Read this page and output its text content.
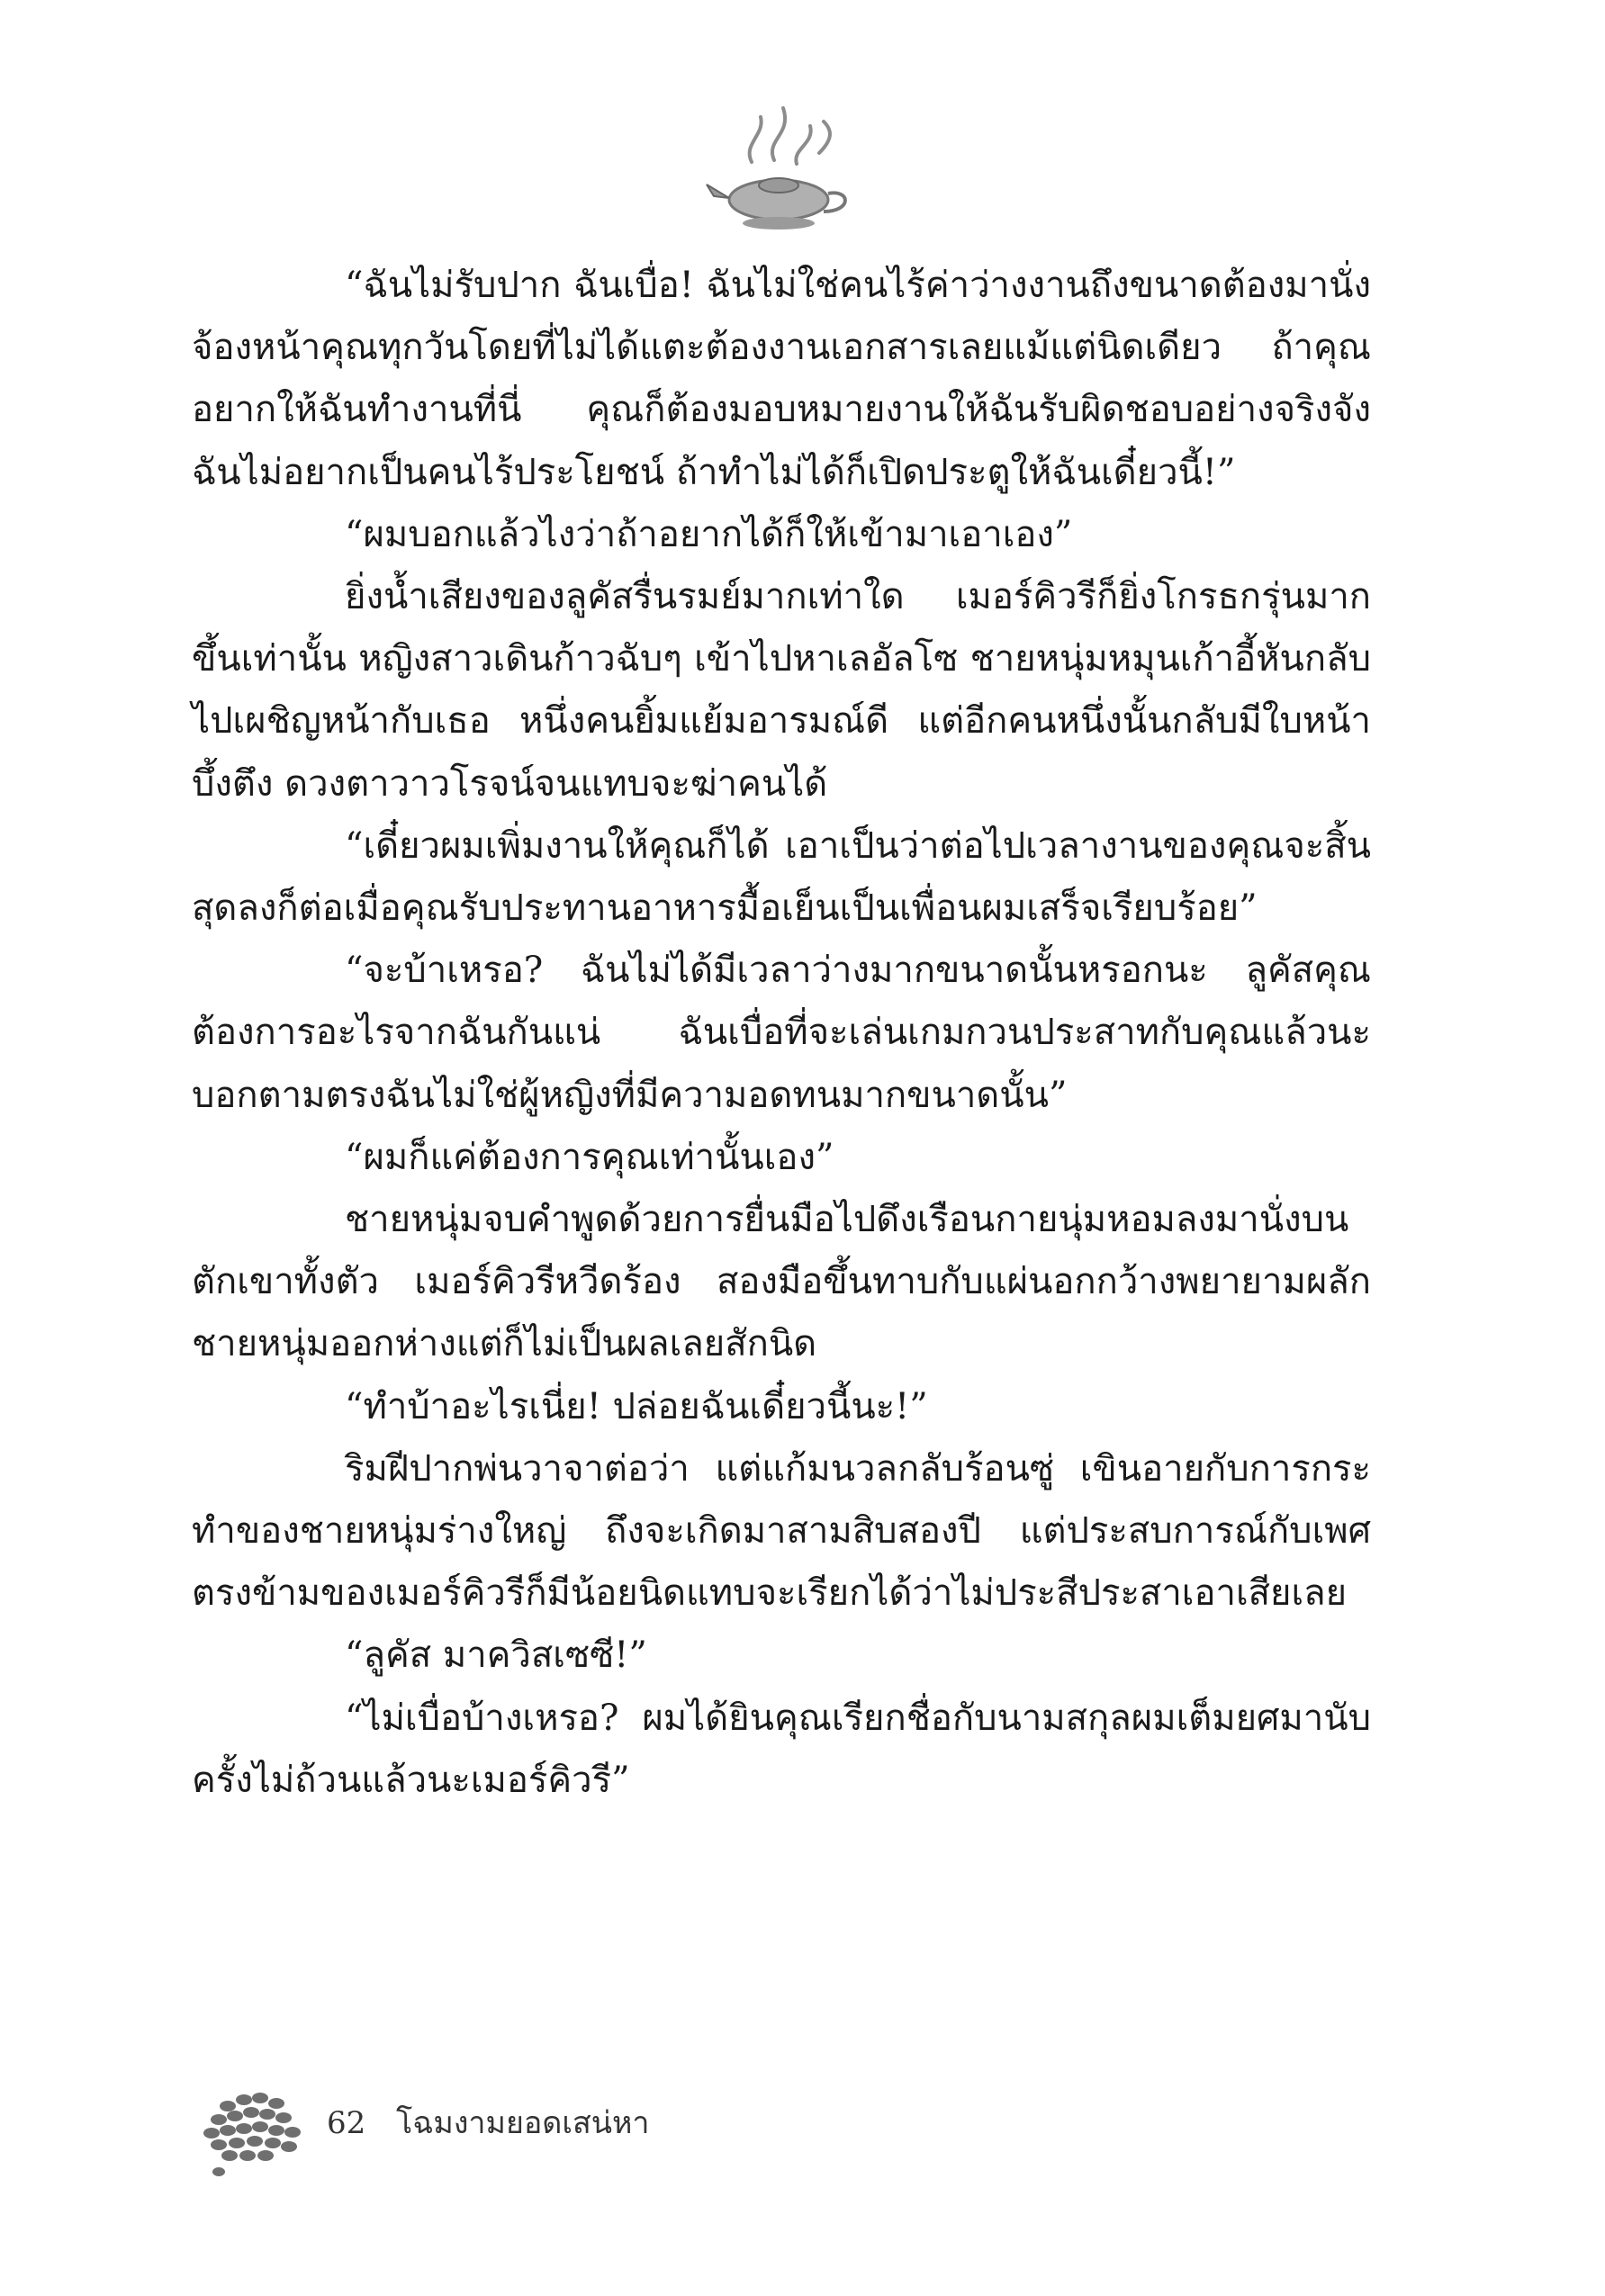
“ฉันไม่รับปาก ฉันเบื่อ! ฉันไม่ใช่คนไร้ค่าว่างงานถึงขนาดต้องมานั่งจ้องหน้าคุณทุกวันโดยที่ไม่ได้แตะต้องงานเอกสารเลยแม้แต่นิดเดียว ถ้าคุณอยากให้ฉันทำงานที่นี่ คุณก็ต้องมอบหมายงานให้ฉันรับผิดชอบอย่างจริงจัง ฉันไม่อยากเป็นคนไร้ประโยชน์ ถ้าทำไม่ได้ก็เปิดประตูให้ฉันเดี๋ยวนี้!”

“ผมบอกแล้วไงว่าถ้าอยากได้ก็ให้เข้ามาเอาเอง”

ยิ่งน้ำเสียงของลูคัสรื่นรมย์มากเท่าใด เมอร์คิวรีก็ยิ่งโกรธกรุ่นมากขึ้นเท่านั้น หญิงสาวเดินก้าวฉับๆ เข้าไปหาเลอัลโซ ชายหนุ่มหมุนเก้าอี้หันกลับไปเผชิญหน้ากับเธอ หนึ่งคนยิ้มแย้มอารมณ์ดี แต่อีกคนหนึ่งนั้นกลับมีใบหน้าบึ้งตึง ดวงตาวาวโรจน์จนแทบจะฆ่าคนได้

“เดี๋ยวผมเพิ่มงานให้คุณก็ได้ เอาเป็นว่าต่อไปเวลางานของคุณจะสิ้นสุดลงก็ต่อเมื่อคุณรับประทานอาหารมื้อเย็นเป็นเพื่อนผมเสร็จเรียบร้อย”

“จะบ้าเหรอ? ฉันไม่ได้มีเวลาว่างมากขนาดนั้นหรอกนะ ลูคัสคุณต้องการอะไรจากฉันกันแน่ ฉันเบื่อที่จะเล่นเกมกวนประสาทกับคุณแล้วนะ บอกตามตรงฉันไม่ใช่ผู้หญิงที่มีความอดทนมากขนาดนั้น”

“ผมก็แค่ต้องการคุณเท่านั้นเอง”

ชายหนุ่มจบคำพูดด้วยการยื่นมือไปดึงเรือนกายนุ่มหอมลงมานั่งบนตักเขาทั้งตัว เมอร์คิวรีหวีดร้อง สองมือขึ้นทาบกับแผ่นอกกว้างพยายามผลักชายหนุ่มออกห่างแต่ก็ไม่เป็นผลเลยสักนิด

“ทำบ้าอะไรเนี่ย! ปล่อยฉันเดี๋ยวนี้นะ!”

ริมฝีปากพ่นวาจาต่อว่า แต่แก้มนวลกลับร้อนซู่ เขินอายกับการกระทำของชายหนุ่มร่างใหญ่ ถึงจะเกิดมาสามสิบสองปี แต่ประสบการณ์กับเพศตรงข้ามของเมอร์คิวรีก็มีน้อยนิดแทบจะเรียกได้ว่าไม่ประสีประสาเอาเสียเลย

“ลูคัส มาควิสเซซี!”

“ไม่เบื่อบ้างเหรอ? ผมได้ยินคุณเรียกชื่อกับนามสกุลผมเต็มยศมานับครั้งไม่ถ้วนแล้วนะเมอร์คิวรี”

62 โฉมงามยอดเสน่หา
